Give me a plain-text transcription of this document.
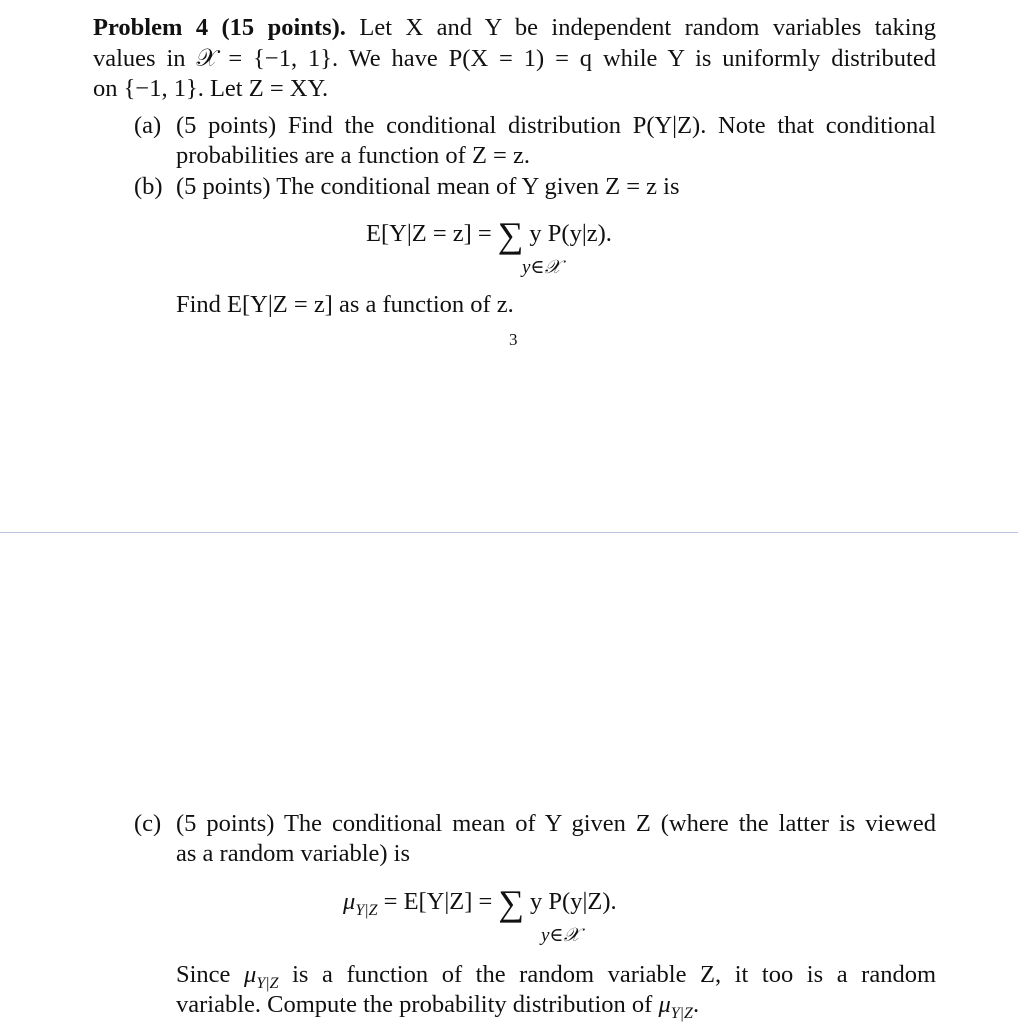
Problem 4 (15 points). Let X and Y be independent random variables taking
values in 𝒳 = {−1, 1}. We have P(X = 1) = q while Y is uniformly distributed
on {−1, 1}. Let Z = XY.
(a) (5 points) Find the conditional distribution P(Y|Z). Note that conditional
probabilities are a function of Z = z.
(b) (5 points) The conditional mean of Y given Z = z is
E[Y|Z = z] = ∑ y P(y|z).
y∈𝒳
Find E[Y|Z = z] as a function of z.
3
(c) (5 points) The conditional mean of Y given Z (where the latter is viewed
as a random variable) is
$\mu_{Y|Z} = E[Y|Z]$ = ∑ y P(y|Z).
y∈𝒳
Since $\mu_{Y|Z}$ is a function of the random variable Z, it too is a random
variable. Compute the probability distribution of $\mu_{Y|Z}$.
